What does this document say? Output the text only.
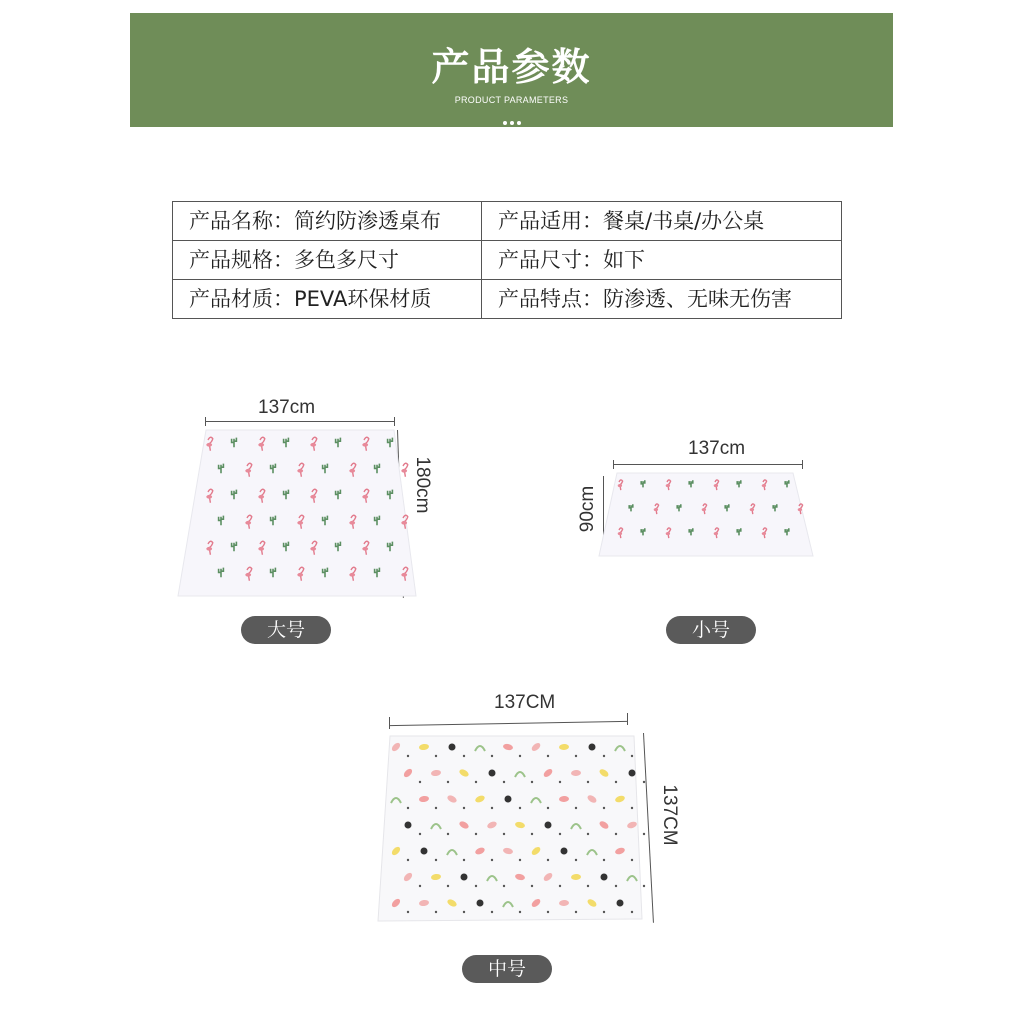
产品参数
PRODUCT PARAMETERS
产品名称：简约防渗透桌布	产品适用：餐桌/书桌/办公桌
产品规格：多色多尺寸	产品尺寸：如下
产品材质：PEVA环保材质	产品特点：防渗透、无味无伤害
137cm
180cm
大号
137cm
90cm
小号
137CM
137CM
中号
